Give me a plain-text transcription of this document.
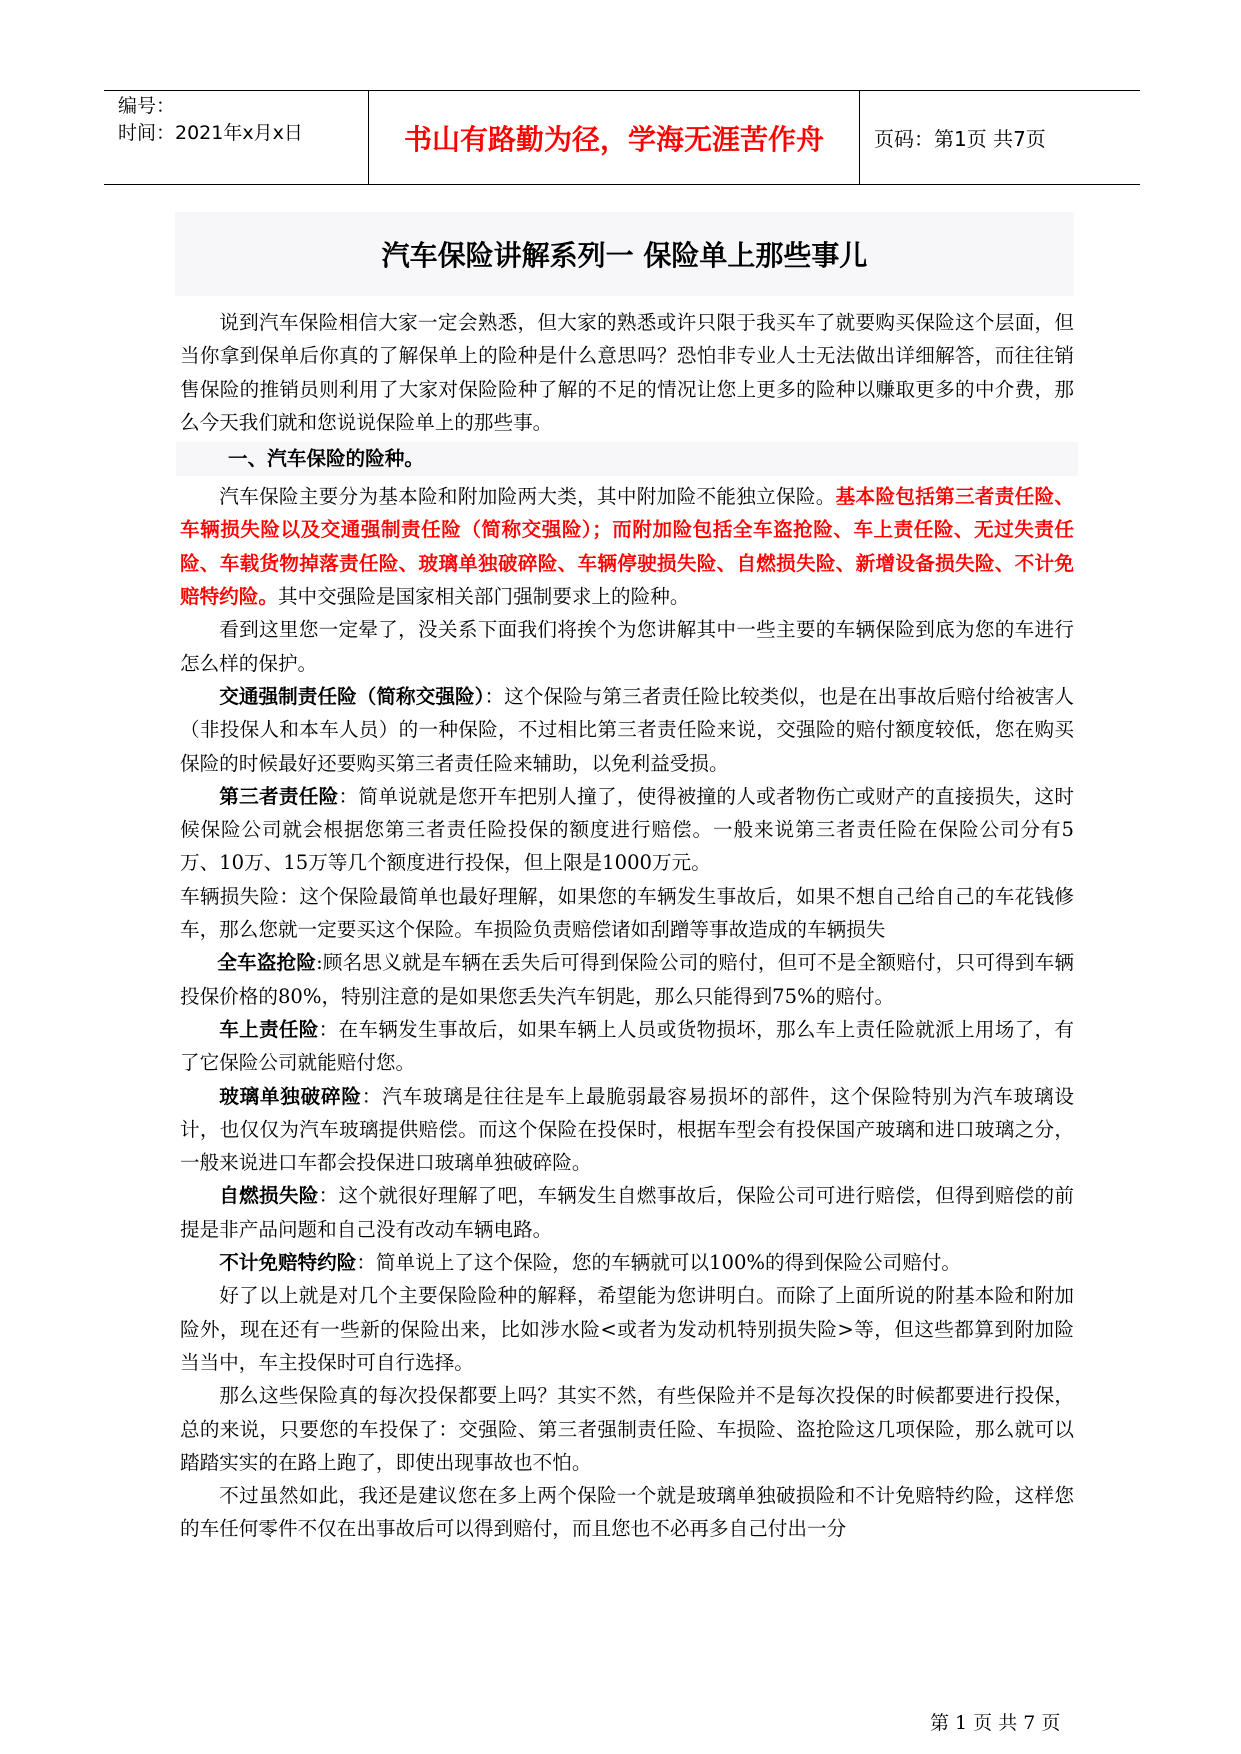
编号：
时间：2021年x月x日	书山有路勤为径，学海无涯苦作舟	页码：第1页 共7页
汽车保险讲解系列一 保险单上那些事儿

说到汽车保险相信大家一定会熟悉，但大家的熟悉或许只限于我买车了就要购买保险这个层面，但当你拿到保单后你真的了解保单上的险种是什么意思吗？恐怕非专业人士无法做出详细解答，而往往销售保险的推销员则利用了大家对保险险种了解的不足的情况让您上更多的险种以赚取更多的中介费，那么今天我们就和您说说保险单上的那些事。

一、汽车保险的险种。

汽车保险主要分为基本险和附加险两大类，其中附加险不能独立保险。基本险包括第三者责任险、车辆损失险以及交通强制责任险（简称交强险）；而附加险包括全车盗抢险、车上责任险、无过失责任险、车载货物掉落责任险、玻璃单独破碎险、车辆停驶损失险、自燃损失险、新增设备损失险、不计免赔特约险。其中交强险是国家相关部门强制要求上的险种。

看到这里您一定晕了，没关系下面我们将挨个为您讲解其中一些主要的车辆保险到底为您的车进行怎么样的保护。

交通强制责任险（简称交强险）：这个保险与第三者责任险比较类似，也是在出事故后赔付给被害人（非投保人和本车人员）的一种保险，不过相比第三者责任险来说，交强险的赔付额度较低，您在购买保险的时候最好还要购买第三者责任险来辅助，以免利益受损。

第三者责任险：简单说就是您开车把别人撞了，使得被撞的人或者物伤亡或财产的直接损失，这时候保险公司就会根据您第三者责任险投保的额度进行赔偿。一般来说第三者责任险在保险公司分有5万、10万、15万等几个额度进行投保，但上限是1000万元。

车辆损失险：这个保险最简单也最好理解，如果您的车辆发生事故后，如果不想自己给自己的车花钱修车，那么您就一定要买这个保险。车损险负责赔偿诸如刮蹭等事故造成的车辆损失

全车盗抢险:顾名思义就是车辆在丢失后可得到保险公司的赔付，但可不是全额赔付，只可得到车辆投保价格的80%，特别注意的是如果您丢失汽车钥匙，那么只能得到75%的赔付。

车上责任险：在车辆发生事故后，如果车辆上人员或货物损坏，那么车上责任险就派上用场了，有了它保险公司就能赔付您。

玻璃单独破碎险：汽车玻璃是往往是车上最脆弱最容易损坏的部件，这个保险特别为汽车玻璃设计，也仅仅为汽车玻璃提供赔偿。而这个保险在投保时，根据车型会有投保国产玻璃和进口玻璃之分，一般来说进口车都会投保进口玻璃单独破碎险。

自燃损失险：这个就很好理解了吧，车辆发生自燃事故后，保险公司可进行赔偿，但得到赔偿的前提是非产品问题和自己没有改动车辆电路。

不计免赔特约险：简单说上了这个保险，您的车辆就可以100%的得到保险公司赔付。

好了以上就是对几个主要保险险种的解释，希望能为您讲明白。而除了上面所说的附基本险和附加险外，现在还有一些新的保险出来，比如涉水险<或者为发动机特别损失险>等，但这些都算到附加险当当中，车主投保时可自行选择。

那么这些保险真的每次投保都要上吗？其实不然，有些保险并不是每次投保的时候都要进行投保，总的来说，只要您的车投保了：交强险、第三者强制责任险、车损险、盗抢险这几项保险，那么就可以踏踏实实的在路上跑了，即使出现事故也不怕。

不过虽然如此，我还是建议您在多上两个保险一个就是玻璃单独破损险和不计免赔特约险，这样您的车任何零件不仅在出事故后可以得到赔付，而且您也不必再多自己付出一分

第 1 页 共 7 页
